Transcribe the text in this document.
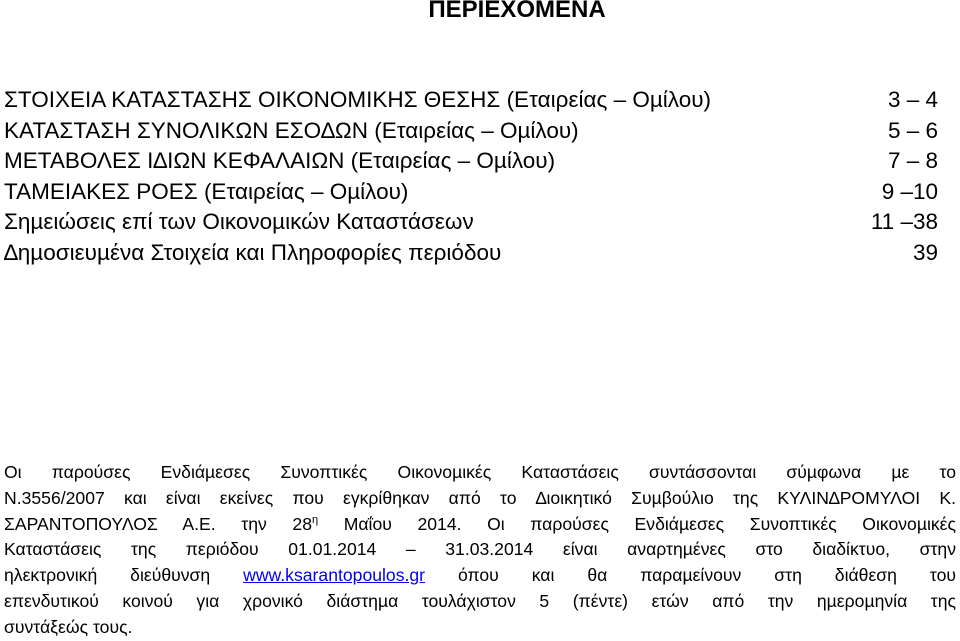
ΠΕΡΙΕΧΟΜΕΝΑ
ΣΤΟΙΧΕΙΑ ΚΑΤΑΣΤΑΣΗΣ ΟΙΚΟΝΟΜΙΚΗΣ ΘΕΣΗΣ (Εταιρείας – Οµίλου)	3 – 4
ΚΑΤΑΣΤΑΣΗ ΣΥΝΟΛΙΚΩΝ ΕΣΟ∆ΩΝ (Εταιρείας – Οµίλου)	5 – 6
ΜΕΤΑΒΟΛΕΣ Ι∆ΙΩΝ ΚΕΦΑΛΑΙΩΝ (Εταιρείας – Οµίλου)	7 – 8
ΤΑΜΕΙΑΚΕΣ ΡΟΕΣ (Εταιρείας – Οµίλου)	9 –10
Σηµειώσεις επί των Οικονοµικών Καταστάσεων	11 –38
∆ηµοσιευµένα Στοιχεία και Πληροφορίες περιόδου	39
Οι παρούσες Ενδιάµεσες Συνοπτικές Οικονοµικές Καταστάσεις συντάσσονται σύµφωνα µε το
Ν.3556/2007 και είναι εκείνες που εγκρίθηκαν από το ∆ιοικητικό Συµβούλιο της ΚΥΛΙΝ∆ΡΟΜΥΛΟΙ Κ.
ΣΑΡΑΝΤΟΠΟΥΛΟΣ Α.Ε. την $28^\eta$ Μαΐου 2014. Οι παρούσες Ενδιάµεσες Συνοπτικές Οικονοµικές
Καταστάσεις της περιόδου 01.01.2014 – 31.03.2014 είναι αναρτηµένες στο διαδίκτυο, στην
ηλεκτρονική διεύθυνση www.ksarantopoulos.gr όπου και θα παραµείνουν στη διάθεση του
επενδυτικού κοινού για χρονικό διάστηµα τουλάχιστον 5 (πέντε) ετών από την ηµεροµηνία της
συντάξεώς τους.
